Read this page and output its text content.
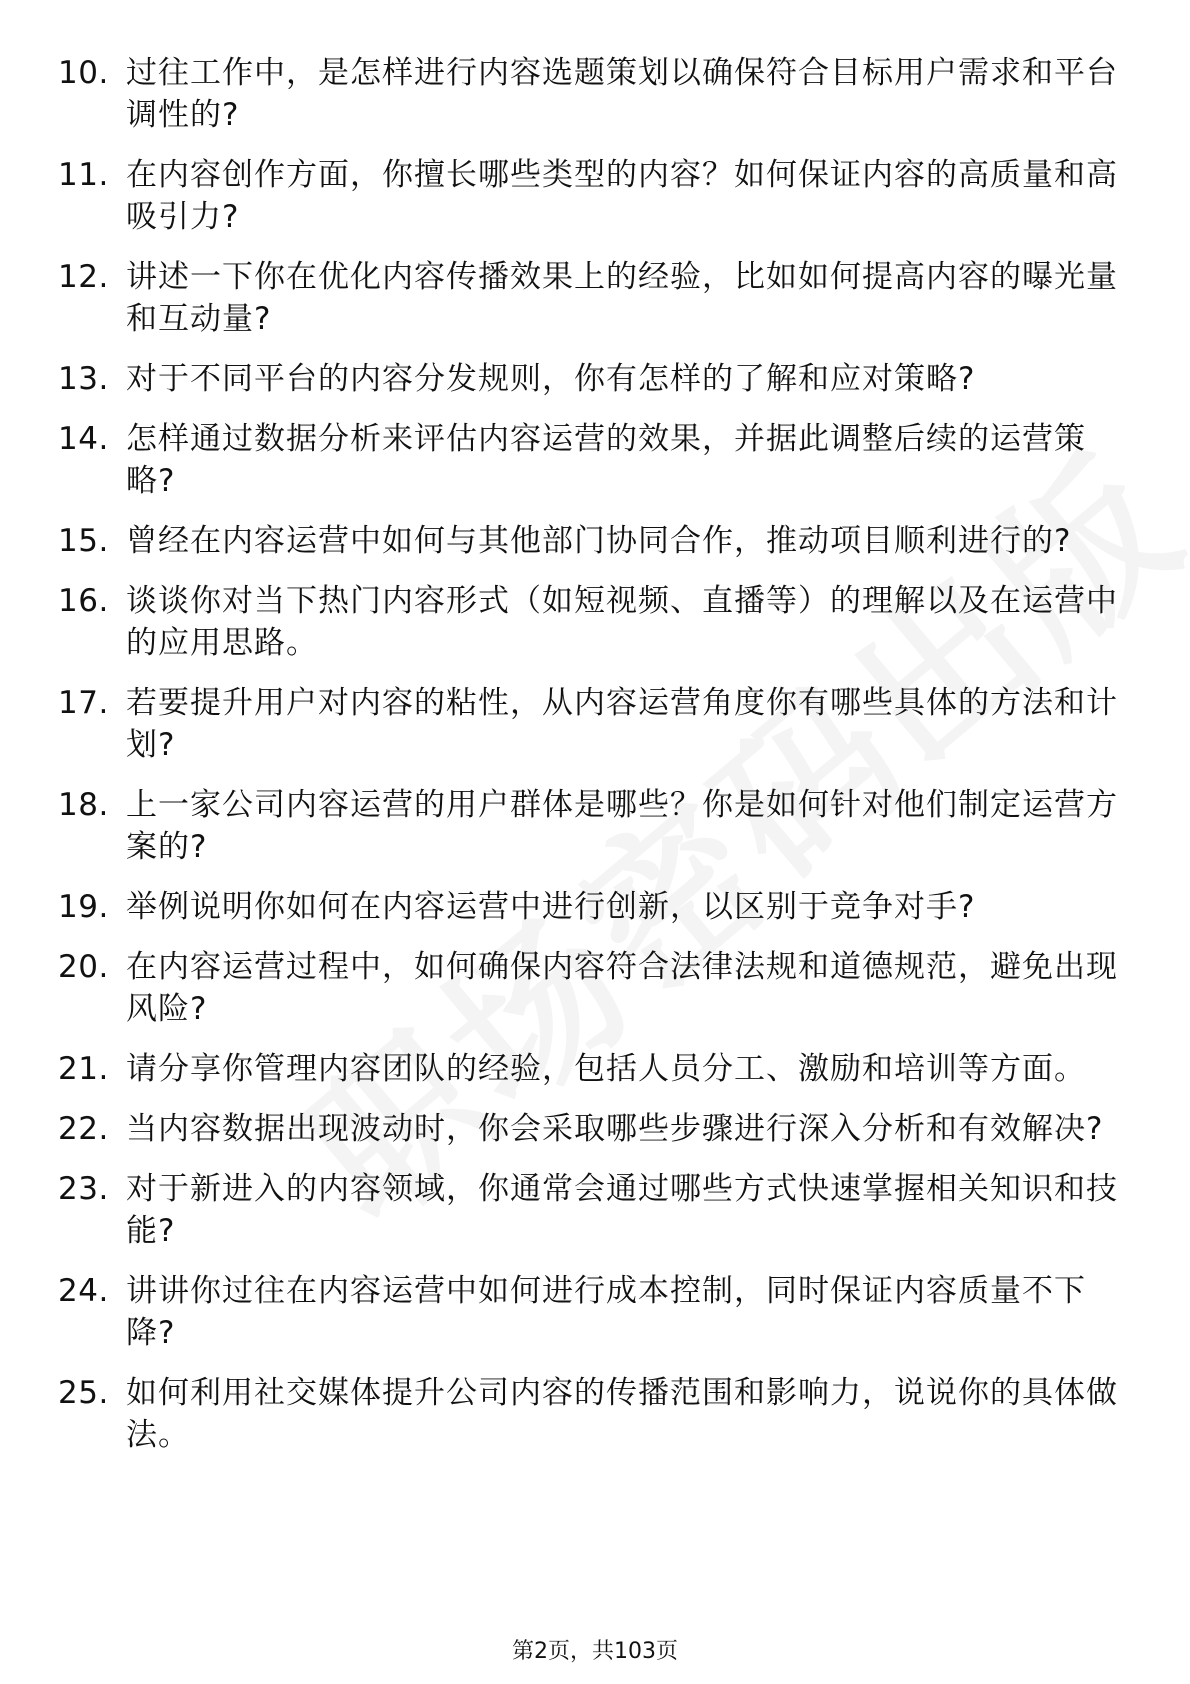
10. 过往工作中，是怎样进行内容选题策划以确保符合目标用户需求和平台调性的?
11. 在内容创作方面，你擅长哪些类型的内容？如何保证内容的高质量和高吸引力?
12. 讲述一下你在优化内容传播效果上的经验，比如如何提高内容的曝光量和互动量?
13. 对于不同平台的内容分发规则，你有怎样的了解和应对策略?
14. 怎样通过数据分析来评估内容运营的效果，并据此调整后续的运营策略?
15. 曾经在内容运营中如何与其他部门协同合作，推动项目顺利进行的?
16. 谈谈你对当下热门内容形式（如短视频、直播等）的理解以及在运营中的应用思路。
17. 若要提升用户对内容的粘性，从内容运营角度你有哪些具体的方法和计划?
18. 上一家公司内容运营的用户群体是哪些？你是如何针对他们制定运营方案的?
19. 举例说明你如何在内容运营中进行创新，以区别于竞争对手?
20. 在内容运营过程中，如何确保内容符合法律法规和道德规范，避免出现风险?
21. 请分享你管理内容团队的经验，包括人员分工、激励和培训等方面。
22. 当内容数据出现波动时，你会采取哪些步骤进行深入分析和有效解决?
23. 对于新进入的内容领域，你通常会通过哪些方式快速掌握相关知识和技能?
24. 讲讲你过往在内容运营中如何进行成本控制，同时保证内容质量不下降?
25. 如何利用社交媒体提升公司内容的传播范围和影响力，说说你的具体做法。
第2页，共103页
